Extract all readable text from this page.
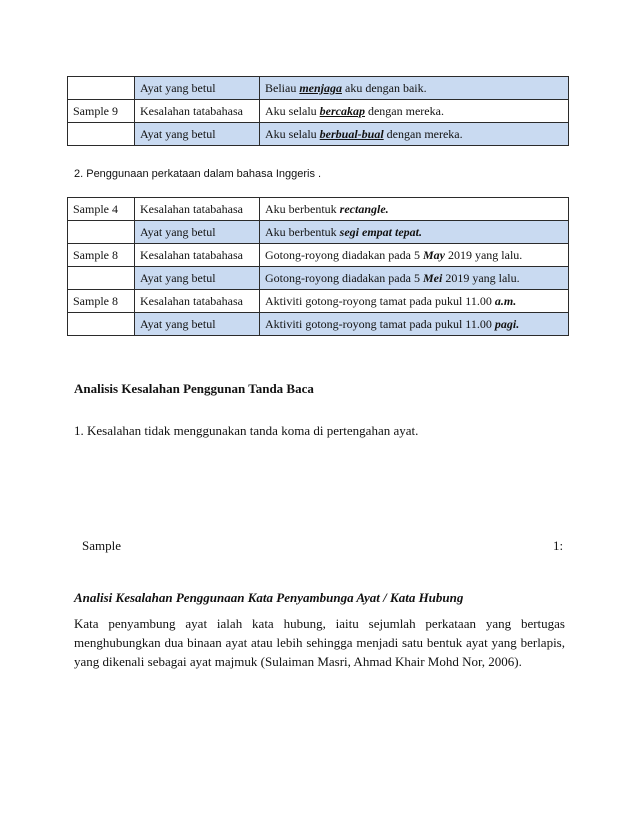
	Ayat yang betul	Beliau menjaga aku dengan baik.
Sample 9	Kesalahan tatabahasa	Aku selalu bercakap dengan mereka.
	Ayat yang betul	Aku selalu berbual-bual dengan mereka.
2. Penggunaan perkataan dalam bahasa Inggeris .
Sample 4	Kesalahan tatabahasa	Aku berbentuk rectangle.
	Ayat yang betul	Aku berbentuk segi empat tepat.
Sample 8	Kesalahan tatabahasa	Gotong-royong diadakan pada 5 May 2019 yang lalu.
	Ayat yang betul	Gotong-royong diadakan pada 5 Mei 2019 yang lalu.
Sample 8	Kesalahan tatabahasa	Aktiviti gotong-royong tamat pada pukul 11.00 a.m.
	Ayat yang betul	Aktiviti gotong-royong tamat pada pukul 11.00 pagi.
Analisis Kesalahan Penggunan Tanda Baca
1. Kesalahan tidak menggunakan tanda koma di pertengahan ayat.
Sample	1:
Analisi Kesalahan Penggunaan Kata Penyambunga Ayat / Kata Hubung
Kata penyambung ayat ialah kata hubung, iaitu sejumlah perkataan yang bertugas menghubungkan dua binaan ayat atau lebih sehingga menjadi satu bentuk ayat yang berlapis, yang dikenali sebagai ayat majmuk (Sulaiman Masri, Ahmad Khair Mohd Nor, 2006).
